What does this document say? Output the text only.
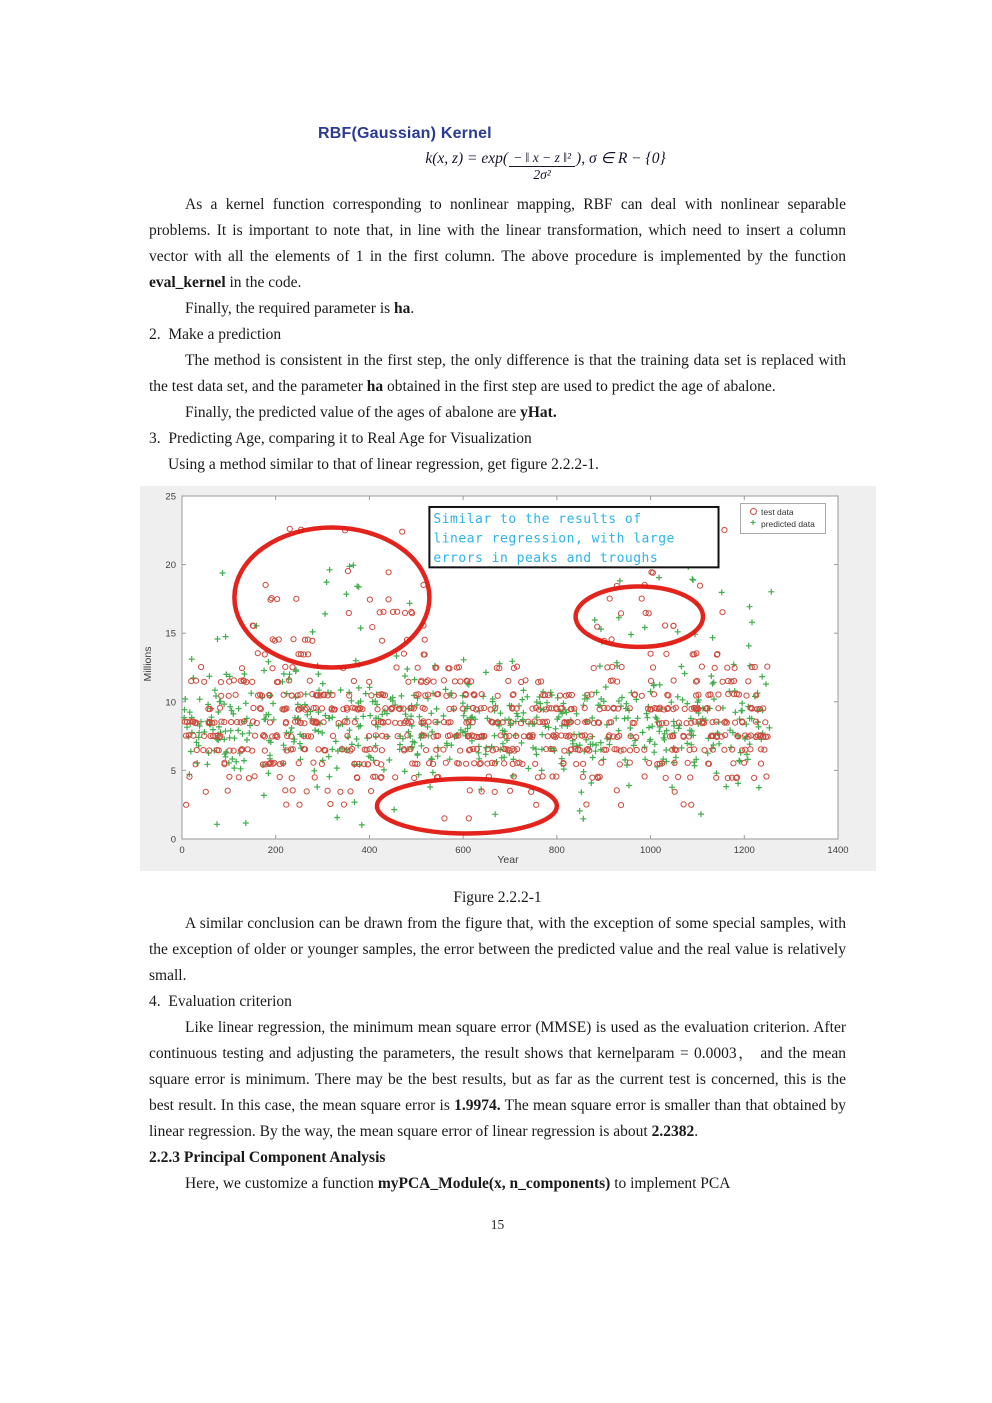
RBF(Gaussian) Kernel
k(x, $z) = \exp( \frac{\text{− ‖ x − z ‖²}}{\text{2σ²}}$ ), σ ∈ R − {0}

As a kernel function corresponding to nonlinear mapping, RBF can deal with nonlinear separable problems. It is important to note that, in line with the linear transformation, which need to insert a column vector with all the elements of 1 in the first column. The above procedure is implemented by the function eval_kernel in the code.

Finally, the required parameter is ha.

2.  Make a prediction

The method is consistent in the first step, the only difference is that the training data set is replaced with the test data set, and the parameter ha obtained in the first step are used to predict the age of abalone.

Finally, the predicted value of the ages of abalone are yHat.

3.  Predicting Age, comparing it to Real Age for Visualization

Using a method similar to that of linear regression, get figure 2.2.2-1.

0	200	400	600	800	1000	1200	1400
0
5
10
15
20
25
Similar to the results of
linear regression, with large
errors in peaks and troughs
Year
Millions
test data
+ predicted data
Figure 2.2.2-1

A similar conclusion can be drawn from the figure that, with the exception of some special samples, with the exception of older or younger samples, the error between the predicted value and the real value is relatively small.

4.  Evaluation criterion

Like linear regression, the minimum mean square error (MMSE) is used as the evaluation criterion. After continuous testing and adjusting the parameters, the result shows that kernelparam = 0.0003， and the mean square error is minimum. There may be the best results, but as far as the current test is concerned, this is the best result. In this case, the mean square error is 1.9974. The mean square error is smaller than that obtained by linear regression. By the way, the mean square error of linear regression is about 2.2382.

2.2.3 Principal Component Analysis

Here, we customize a function myPCA_Module(x, n_components) to implement PCA

15
